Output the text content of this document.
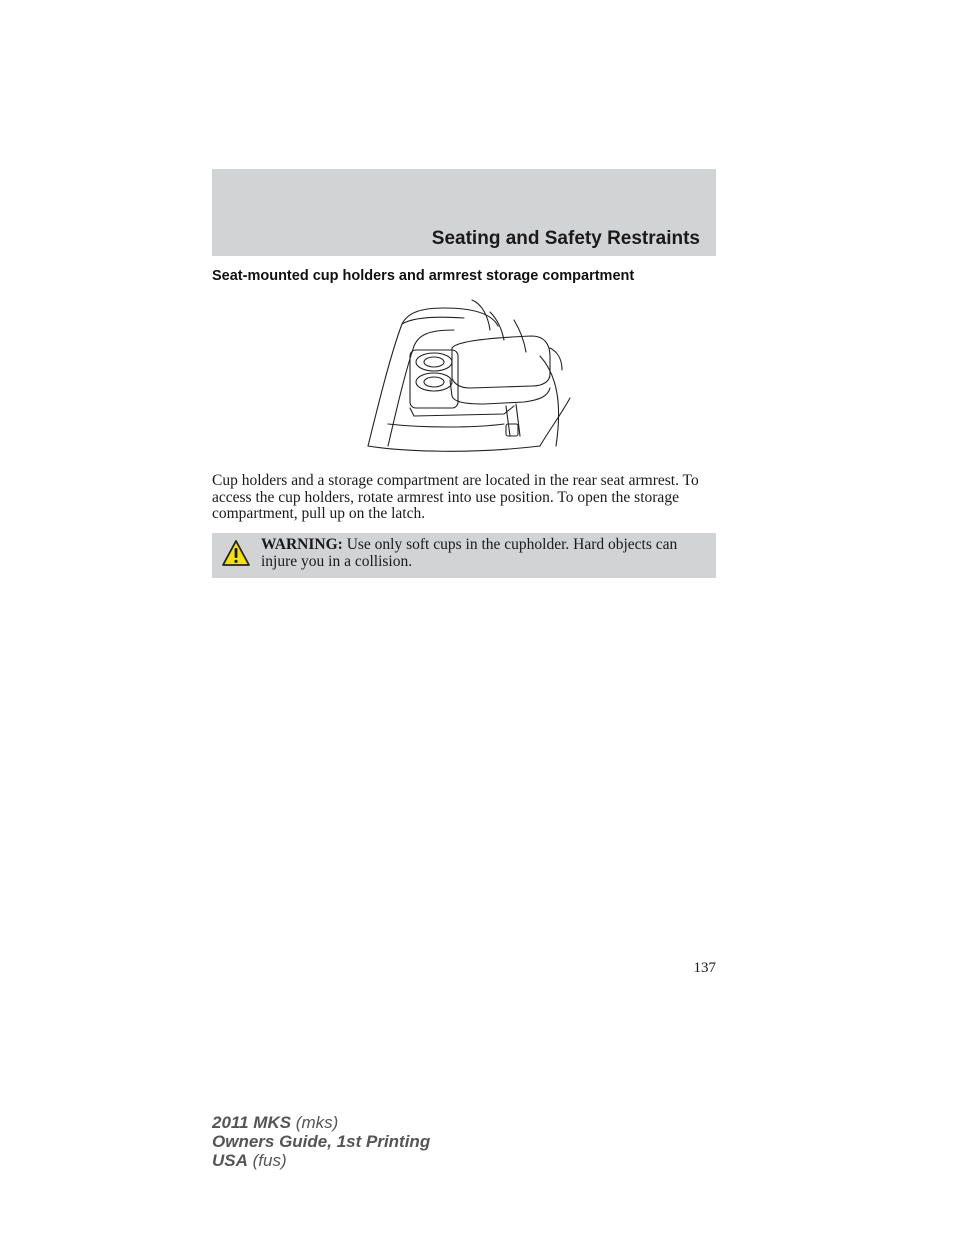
Seating and Safety Restraints
Seat-mounted cup holders and armrest storage compartment

Cup holders and a storage compartment are located in the rear seat armrest. To access the cup holders, rotate armrest into use position. To open the storage compartment, pull up on the latch.

WARNING: Use only soft cups in the cupholder. Hard objects can injure you in a collision.

137
2011 MKS (mks)
Owners Guide, 1st Printing
USA (fus)
